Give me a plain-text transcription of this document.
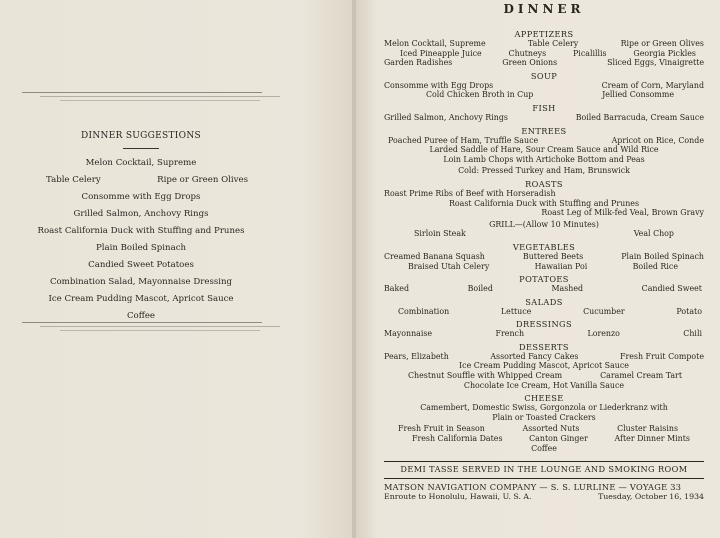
DINNER SUGGESTIONS
Melon Cocktail, Supreme
Table Celery	Ripe or Green Olives
Consomme with Egg Drops
Grilled Salmon, Anchovy Rings
Roast California Duck with Stuffing and Prunes
Plain Boiled Spinach
Candied Sweet Potatoes
Combination Salad, Mayonnaise Dressing
Ice Cream Pudding Mascot, Apricot Sauce
Coffee
DINNER
APPETIZERS
Melon Cocktail, Supreme	Table Celery	Ripe or Green Olives
Iced Pineapple Juice	Chutneys	Picalillis	Georgia Pickles
Garden Radishes	Green Onions	Sliced Eggs, Vinaigrette
SOUP
Consomme with Egg Drops	Cream of Corn, Maryland
Cold Chicken Broth in Cup	Jellied Consomme
FISH
Grilled Salmon, Anchovy Rings	Boiled Barracuda, Cream Sauce
ENTREES
Poached Puree of Ham, Truffle Sauce	Apricot on Rice, Conde
Larded Saddle of Hare, Sour Cream Sauce and Wild Rice
Loin Lamb Chops with Artichoke Bottom and Peas
Cold: Pressed Turkey and Ham, Brunswick
ROASTS
Roast Prime Ribs of Beef with Horseradish
Roast California Duck with Stuffing and Prunes
Roast Leg of Milk-fed Veal, Brown Gravy
GRILL—(Allow 10 Minutes)
Sirloin Steak	Veal Chop
VEGETABLES
Creamed Banana Squash	Buttered Beets	Plain Boiled Spinach
Braised Utah Celery	Hawaiian Poi	Boiled Rice
POTATOES
Baked	Boiled	Mashed	Candied Sweet
SALADS
Combination	Lettuce	Cucumber	Potato
DRESSINGS
Mayonnaise	French	Lorenzo	Chili
DESSERTS
Pears, Elizabeth	Assorted Fancy Cakes	Fresh Fruit Compote
Ice Cream Pudding Mascot, Apricot Sauce
Chestnut Souffle with Whipped Cream	Caramel Cream Tart
Chocolate Ice Cream, Hot Vanilla Sauce
CHEESE
Camembert, Domestic Swiss, Gorgonzola or Liederkranz with
Plain or Toasted Crackers
Fresh Fruit in Season	Assorted Nuts	Cluster Raisins
Fresh California Dates	Canton Ginger	After Dinner Mints
Coffee
DEMI TASSE SERVED IN THE LOUNGE AND SMOKING ROOM
MATSON NAVIGATION COMPANY — S. S. LURLINE — VOYAGE 33
Enroute to Honolulu, Hawaii, U. S. A.	Tuesday, October 16, 1934
